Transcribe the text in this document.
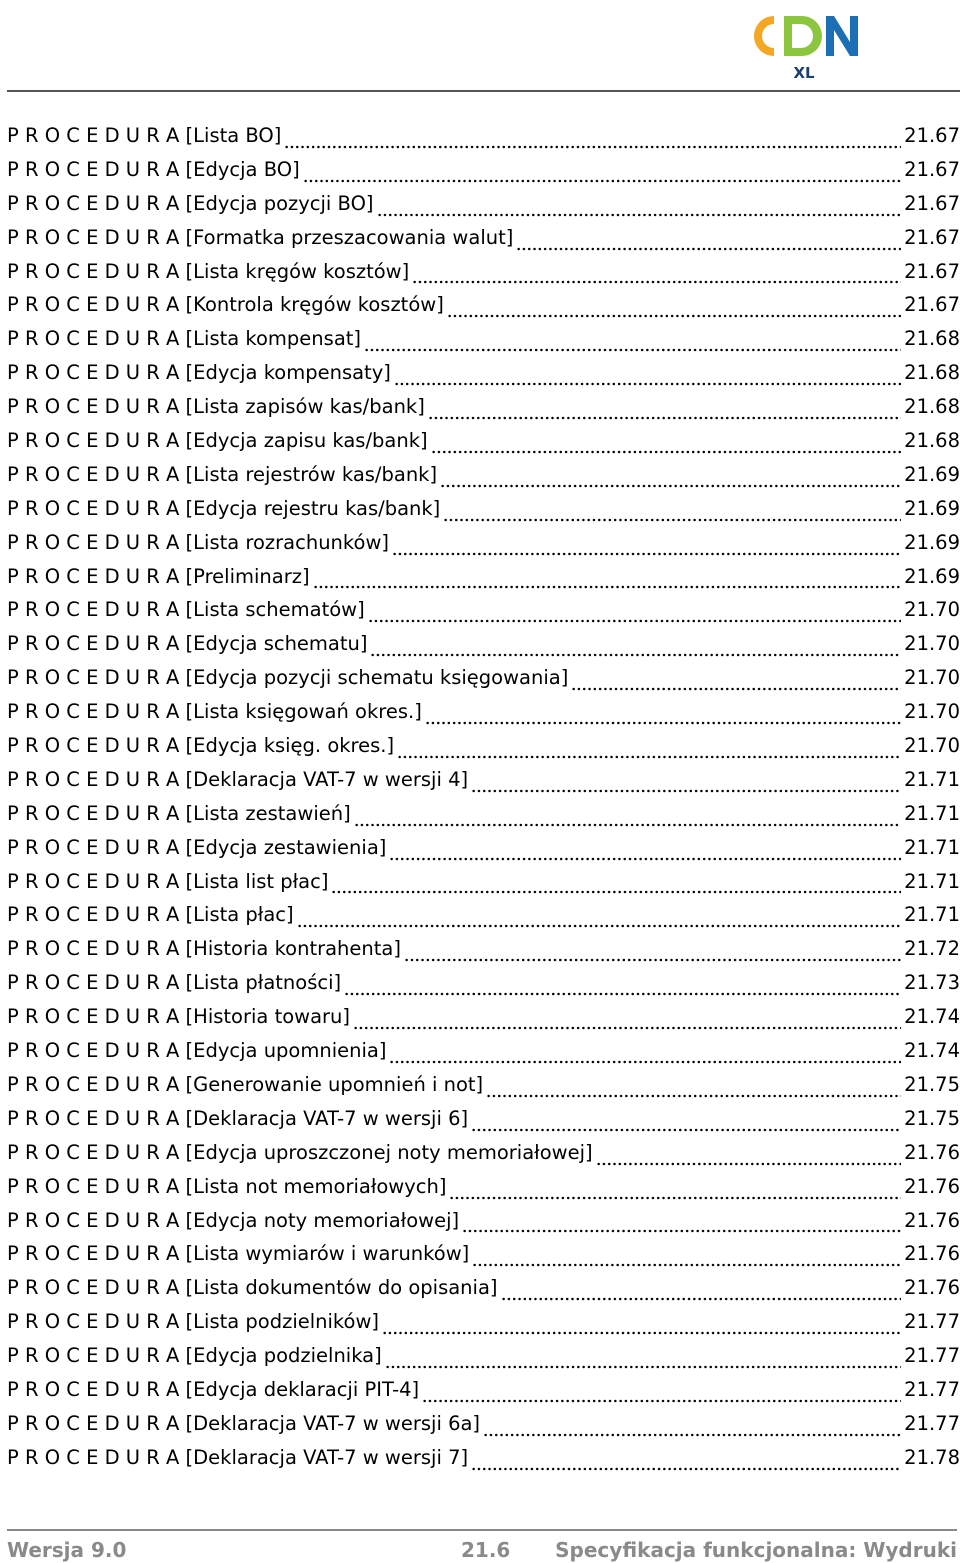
XL
CDN
P R O C E D U R A [Lista BO]	21.67
P R O C E D U R A [Edycja BO]	21.67
P R O C E D U R A [Edycja pozycji BO]	21.67
P R O C E D U R A [Formatka przeszacowania walut]	21.67
P R O C E D U R A [Lista kręgów kosztów]	21.67
P R O C E D U R A [Kontrola kręgów kosztów]	21.67
P R O C E D U R A [Lista kompensat]	21.68
P R O C E D U R A [Edycja kompensaty]	21.68
P R O C E D U R A [Lista zapisów kas/bank]	21.68
P R O C E D U R A [Edycja zapisu kas/bank]	21.68
P R O C E D U R A [Lista rejestrów kas/bank]	21.69
P R O C E D U R A [Edycja rejestru kas/bank]	21.69
P R O C E D U R A [Lista rozrachunków]	21.69
P R O C E D U R A [Preliminarz]	21.69
P R O C E D U R A [Lista schematów]	21.70
P R O C E D U R A [Edycja schematu]	21.70
P R O C E D U R A [Edycja pozycji schematu księgowania]	21.70
P R O C E D U R A [Lista księgowań okres.]	21.70
P R O C E D U R A [Edycja księg. okres.]	21.70
P R O C E D U R A [Deklaracja VAT-7 w wersji 4]	21.71
P R O C E D U R A [Lista zestawień]	21.71
P R O C E D U R A [Edycja zestawienia]	21.71
P R O C E D U R A [Lista list płac]	21.71
P R O C E D U R A [Lista płac]	21.71
P R O C E D U R A [Historia kontrahenta]	21.72
P R O C E D U R A [Lista płatności]	21.73
P R O C E D U R A [Historia towaru]	21.74
P R O C E D U R A [Edycja upomnienia]	21.74
P R O C E D U R A [Generowanie upomnień i not]	21.75
P R O C E D U R A [Deklaracja VAT-7 w wersji 6]	21.75
P R O C E D U R A [Edycja uproszczonej noty memoriałowej]	21.76
P R O C E D U R A [Lista not memoriałowych]	21.76
P R O C E D U R A [Edycja noty memoriałowej]	21.76
P R O C E D U R A [Lista wymiarów i warunków]	21.76
P R O C E D U R A [Lista dokumentów do opisania]	21.76
P R O C E D U R A [Lista podzielników]	21.77
P R O C E D U R A [Edycja podzielnika]	21.77
P R O C E D U R A [Edycja deklaracji PIT-4]	21.77
P R O C E D U R A [Deklaracja VAT-7 w wersji 6a]	21.77
P R O C E D U R A [Deklaracja VAT-7 w wersji 7]	21.78
Wersja 9.0	21.6 Specyfikacja funkcjonalna: Wydruki
